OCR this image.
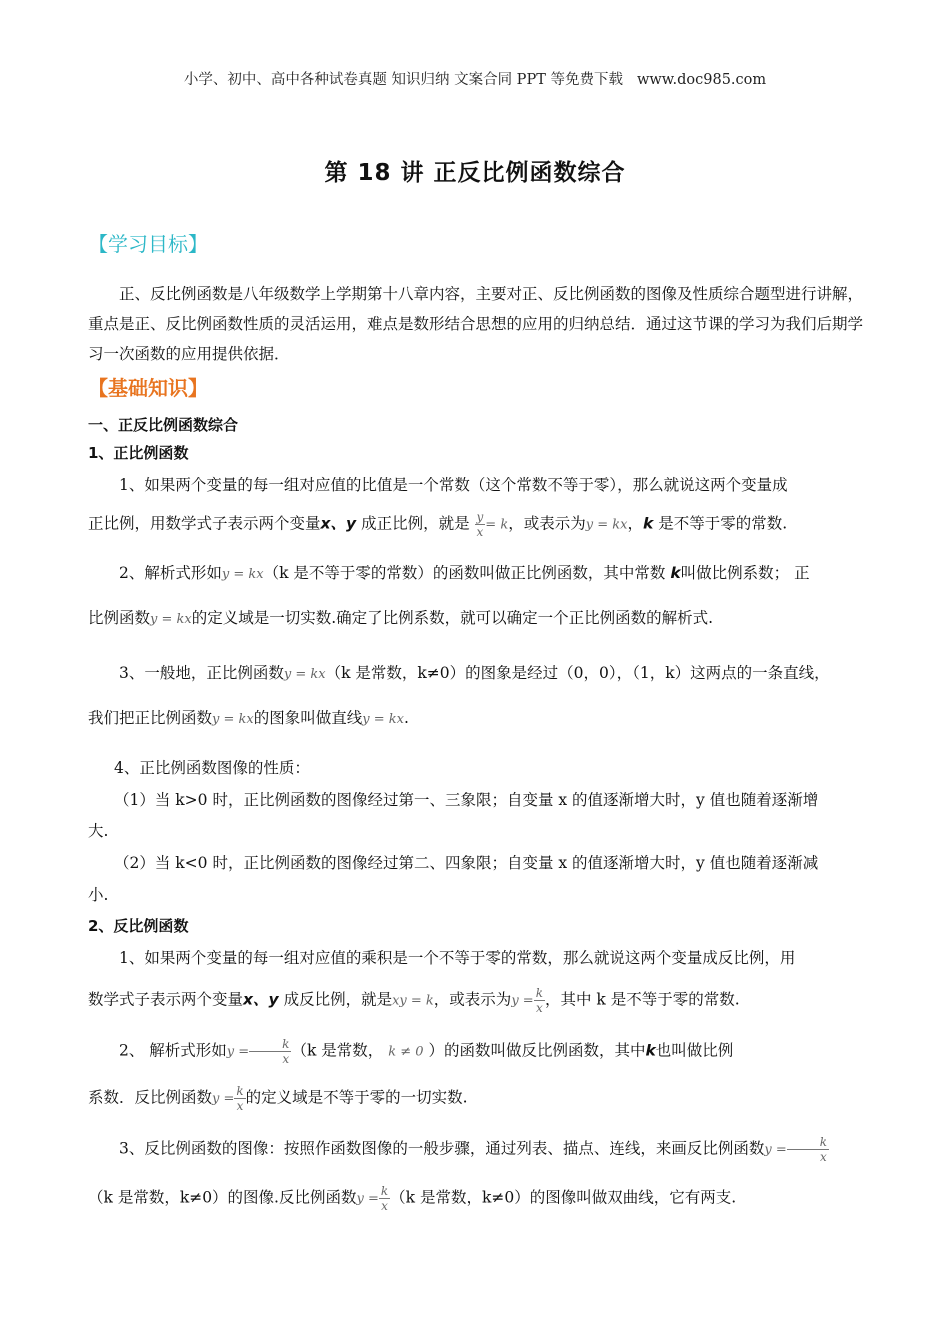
小学、初中、高中各种试卷真题 知识归纳 文案合同 PPT 等免费下载 www.doc985.com
第 18 讲 正反比例函数综合
【学习目标】
正、反比例函数是八年级数学上学期第十八章内容，主要对正、反比例函数的图像及性质综合题型进行讲解，重点是正、反比例函数性质的灵活运用，难点是数形结合思想的应用的归纳总结．通过这节课的学习为我们后期学习一次函数的应用提供依据．
【基础知识】
一、正反比例函数综合
1、正比例函数
1、如果两个变量的每一组对应值的比值是一个常数（这个常数不等于零），那么就说这两个变量成
正比例，用数学式子表示两个变量x、y 成正比例，就是 $\frac{y}{x} = k$，或表示为y = kx，k 是不等于零的常数.
2、解析式形如y = kx（k 是不等于零的常数）的函数叫做正比例函数，其中常数 k叫做比例系数； 正
比例函数y = kx的定义域是一切实数.确定了比例系数，就可以确定一个正比例函数的解析式.
3、一般地，正比例函数y = kx（k 是常数，k≠0）的图象是经过（0，0），（1，k）这两点的一条直线，
我们把正比例函数y = kx的图象叫做直线y = kx.
4、正比例函数图像的性质：
（1）当 k>0 时，正比例函数的图像经过第一、三象限；自变量 x 的值逐渐增大时，y 值也随着逐渐增
大.
（2）当 k<0 时，正比例函数的图像经过第二、四象限；自变量 x 的值逐渐增大时，y 值也随着逐渐减
小.
2、反比例函数
1、如果两个变量的每一组对应值的乘积是一个不等于零的常数，那么就说这两个变量成反比例，用
数学式子表示两个变量x、y 成反比例，就是xy = k，或表示为$y = \frac{k}{x}$ ，其中 k 是不等于零的常数.
2、 解析式形如$y = \frac{k}{x} (k$ 是常数， k ≠ 0 ）的函数叫做反比例函数，其中k也叫做比例
系数．反比例函数$y = \frac{k}{x}$ 的定义域是不等于零的一切实数.
3、反比例函数的图像：按照作函数图像的一般步骤，通过列表、描点、连线，来画反比例函数$y = \frac{k}{x}$
（k 是常数，k≠0）的图像.反比例函数$y = \frac{k}{x} (k$ 是常数，k≠0）的图像叫做双曲线，它有两支.
